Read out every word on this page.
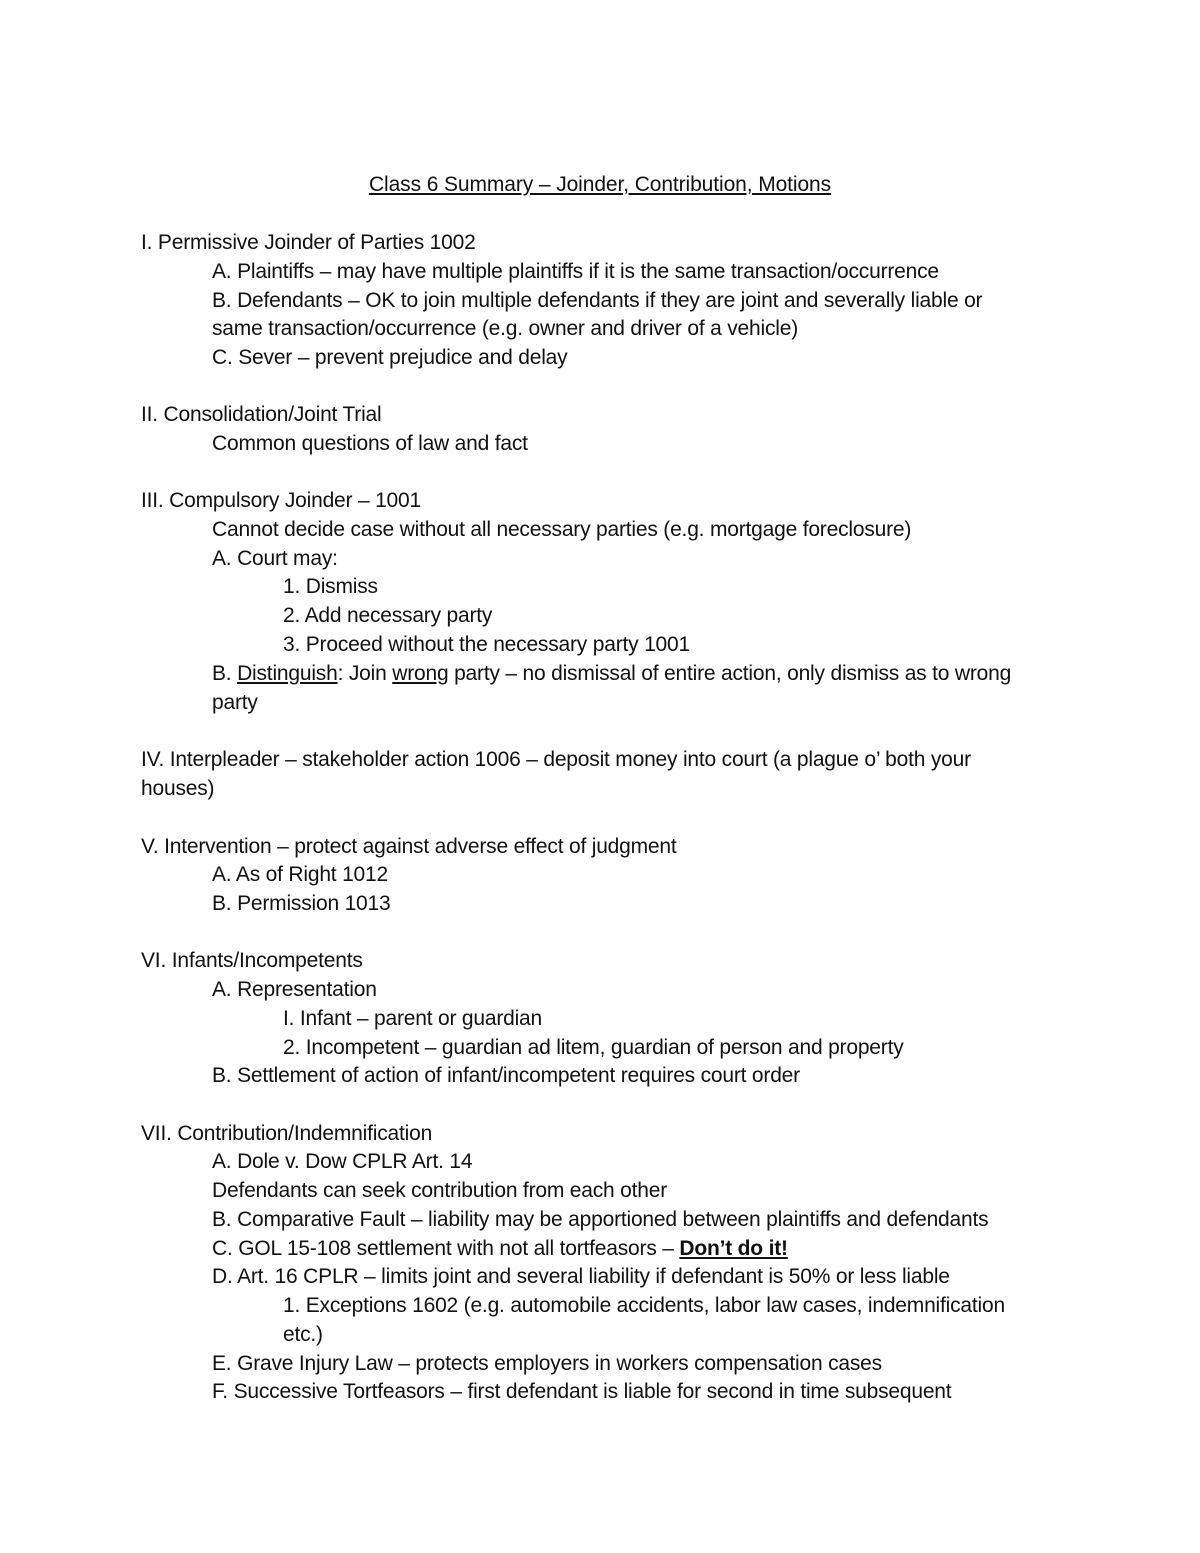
Class 6 Summary – Joinder, Contribution, Motions
I. Permissive Joinder of Parties 1002
A. Plaintiffs – may have multiple plaintiffs if it is the same transaction/occurrence
B. Defendants – OK to join multiple defendants if they are joint and severally liable or
same transaction/occurrence (e.g. owner and driver of a vehicle)
C. Sever – prevent prejudice and delay
II. Consolidation/Joint Trial
Common questions of law and fact
III. Compulsory Joinder – 1001
Cannot decide case without all necessary parties (e.g. mortgage foreclosure)
A. Court may:
1. Dismiss
2. Add necessary party
3. Proceed without the necessary party 1001
B. Distinguish: Join wrong party – no dismissal of entire action, only dismiss as to wrong
party
IV. Interpleader – stakeholder action 1006 – deposit money into court (a plague o’ both your
houses)
V. Intervention – protect against adverse effect of judgment
A. As of Right 1012
B. Permission 1013
VI. Infants/Incompetents
A. Representation
I. Infant – parent or guardian
2. Incompetent – guardian ad litem, guardian of person and property
B. Settlement of action of infant/incompetent requires court order
VII. Contribution/Indemnification
A. Dole v. Dow CPLR Art. 14
Defendants can seek contribution from each other
B. Comparative Fault – liability may be apportioned between plaintiffs and defendants
C. GOL 15-108 settlement with not all tortfeasors – Don’t do it!
D. Art. 16 CPLR – limits joint and several liability if defendant is 50% or less liable
1. Exceptions 1602 (e.g. automobile accidents, labor law cases, indemnification
etc.)
E. Grave Injury Law – protects employers in workers compensation cases
F. Successive Tortfeasors – first defendant is liable for second in time subsequent
